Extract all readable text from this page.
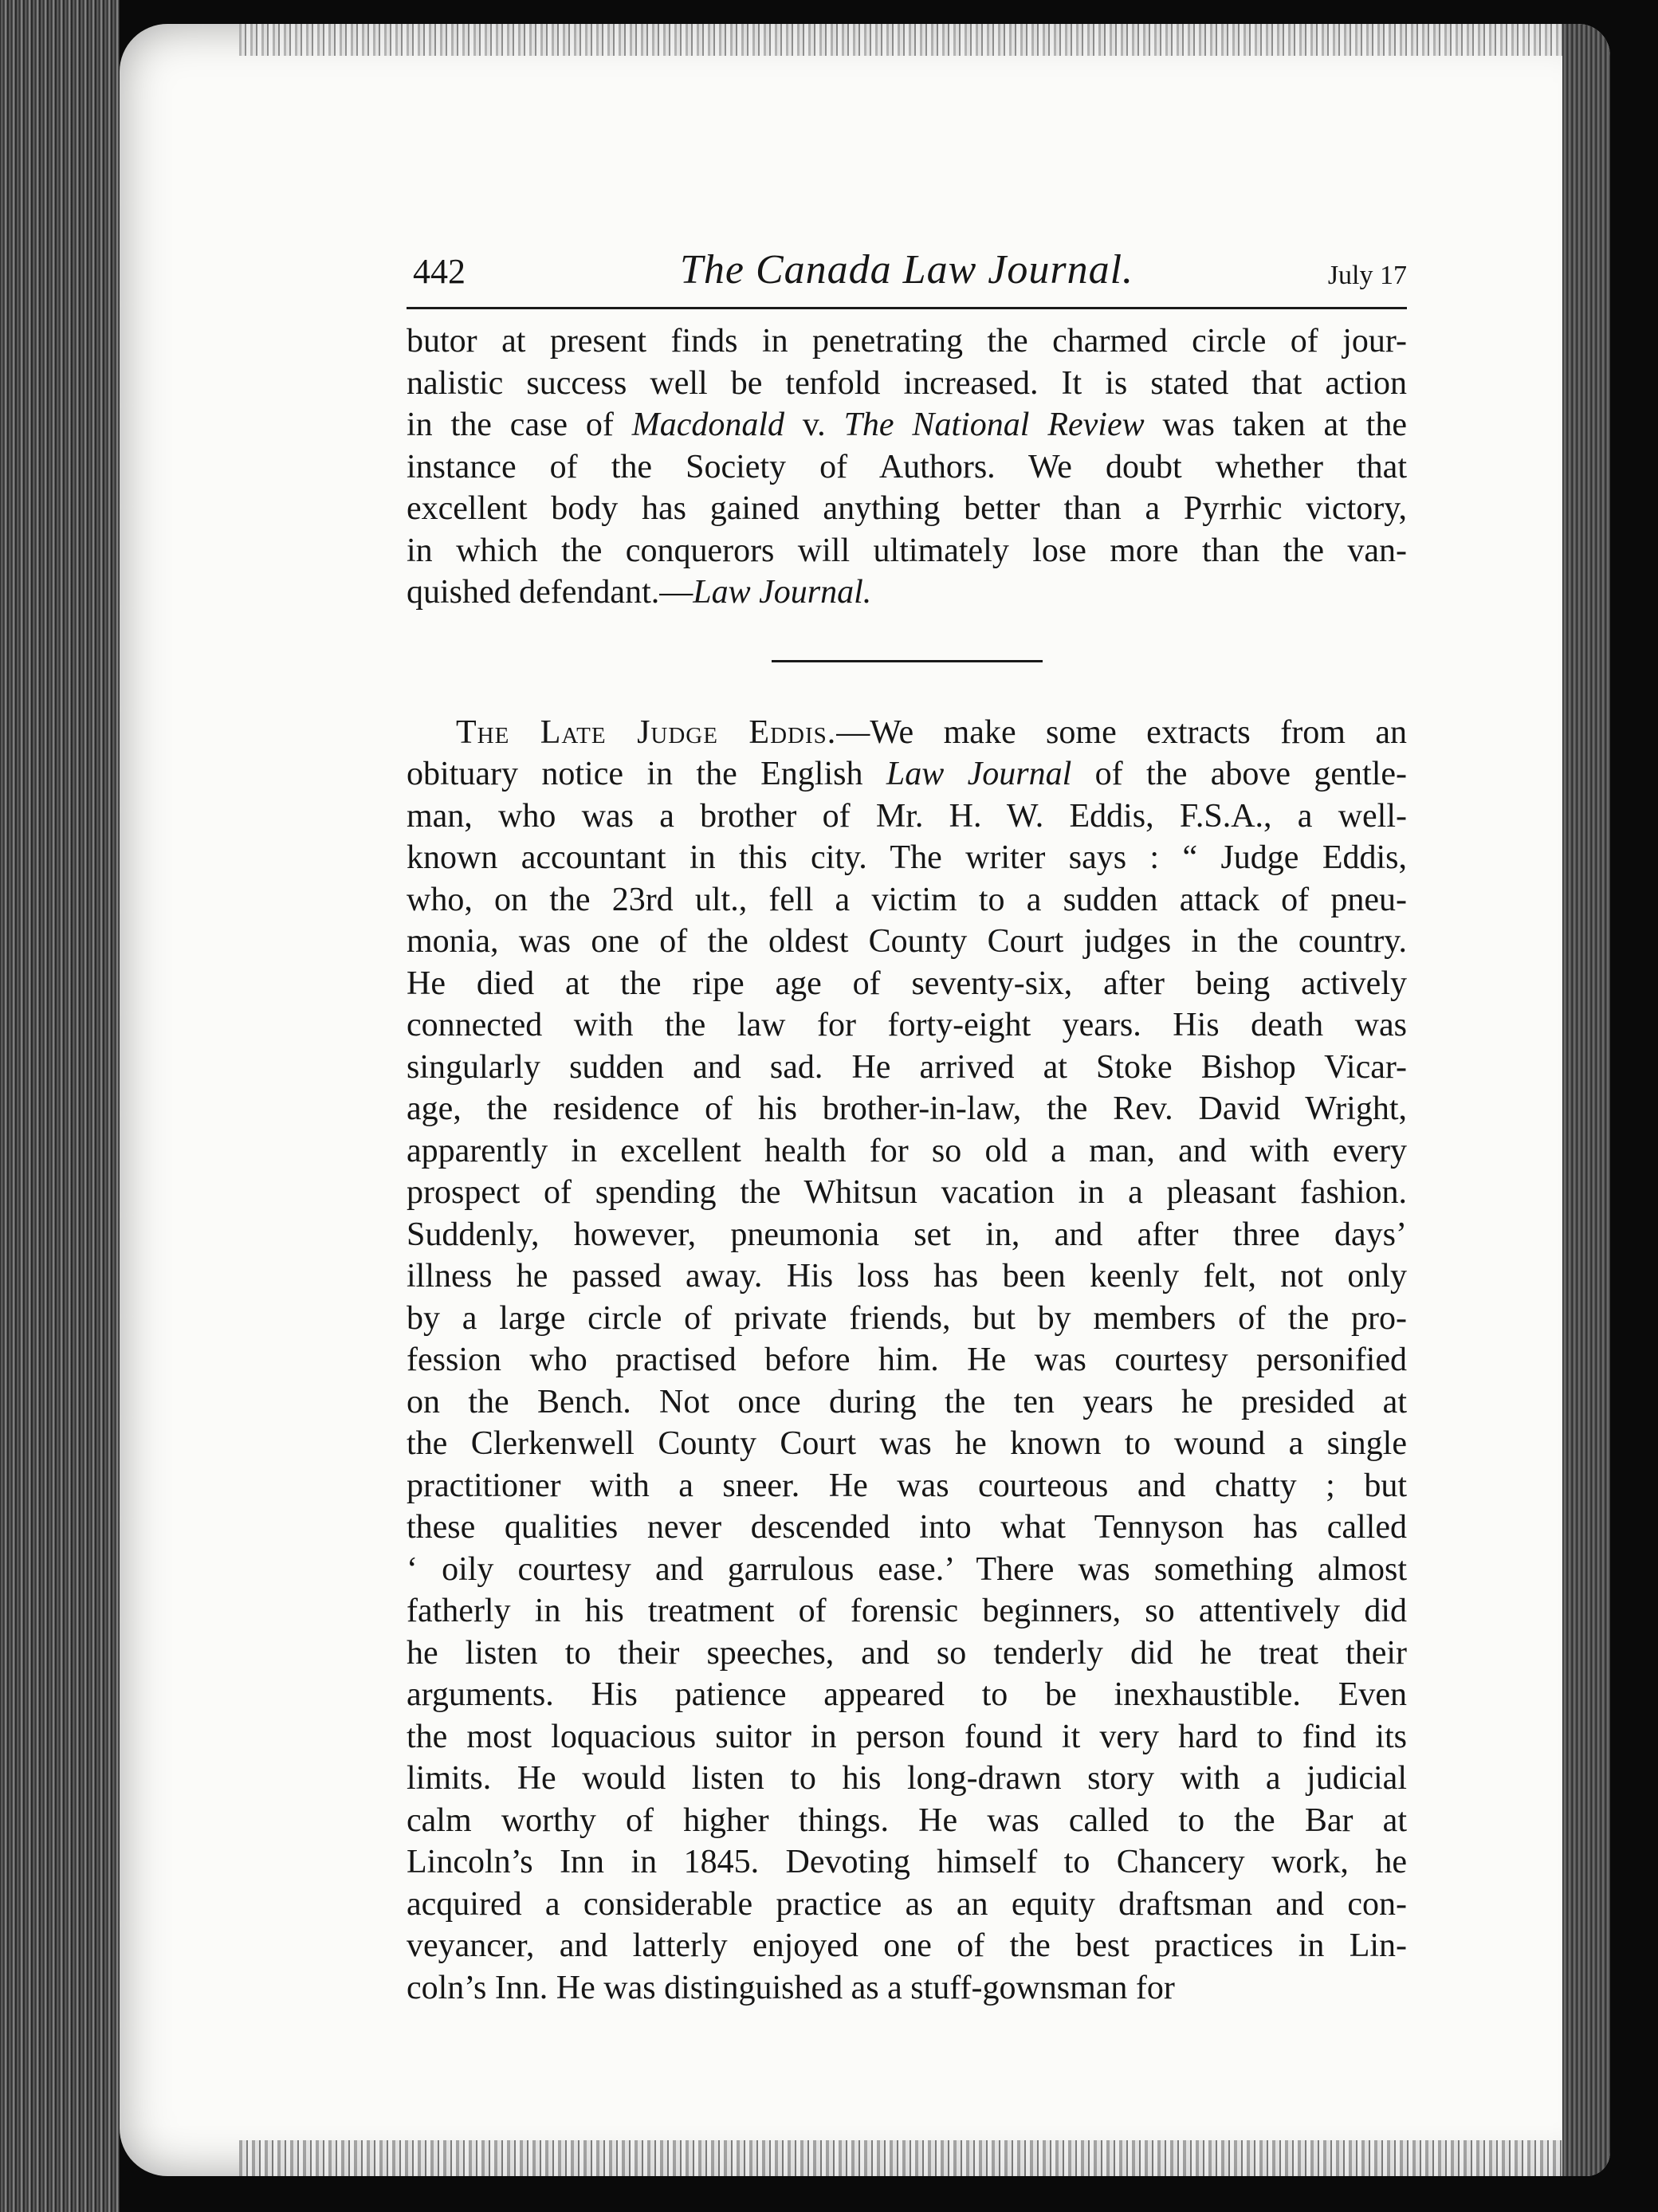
442	The Canada Law Journal.	July 17
butor at present finds in penetrating the charmed circle of jour-
nalistic success well be tenfold increased. It is stated that action
in the case of Macdonald v. The National Review was taken at the
instance of the Society of Authors. We doubt whether that
excellent body has gained anything better than a Pyrrhic victory,
in which the conquerors will ultimately lose more than the van-
quished defendant.—Law Journal.
The Late Judge Eddis.—We make some extracts from an
obituary notice in the English Law Journal of the above gentle-
man, who was a brother of Mr. H. W. Eddis, F.S.A., a well-
known accountant in this city. The writer says : “ Judge Eddis,
who, on the 23rd ult., fell a victim to a sudden attack of pneu-
monia, was one of the oldest County Court judges in the country.
He died at the ripe age of seventy-six, after being actively
connected with the law for forty-eight years. His death was
singularly sudden and sad. He arrived at Stoke Bishop Vicar-
age, the residence of his brother-in-law, the Rev. David Wright,
apparently in excellent health for so old a man, and with every
prospect of spending the Whitsun vacation in a pleasant fashion.
Suddenly, however, pneumonia set in, and after three days’
illness he passed away. His loss has been keenly felt, not only
by a large circle of private friends, but by members of the pro-
fession who practised before him. He was courtesy personified
on the Bench. Not once during the ten years he presided at
the Clerkenwell County Court was he known to wound a single
practitioner with a sneer. He was courteous and chatty ; but
these qualities never descended into what Tennyson has called
‘ oily courtesy and garrulous ease.’ There was something almost
fatherly in his treatment of forensic beginners, so attentively did
he listen to their speeches, and so tenderly did he treat their
arguments. His patience appeared to be inexhaustible. Even
the most loquacious suitor in person found it very hard to find its
limits. He would listen to his long-drawn story with a judicial
calm worthy of higher things. He was called to the Bar at
Lincoln’s Inn in 1845. Devoting himself to Chancery work, he
acquired a considerable practice as an equity draftsman and con-
veyancer, and latterly enjoyed one of the best practices in Lin-
coln’s Inn. He was distinguished as a stuff-gownsman for
